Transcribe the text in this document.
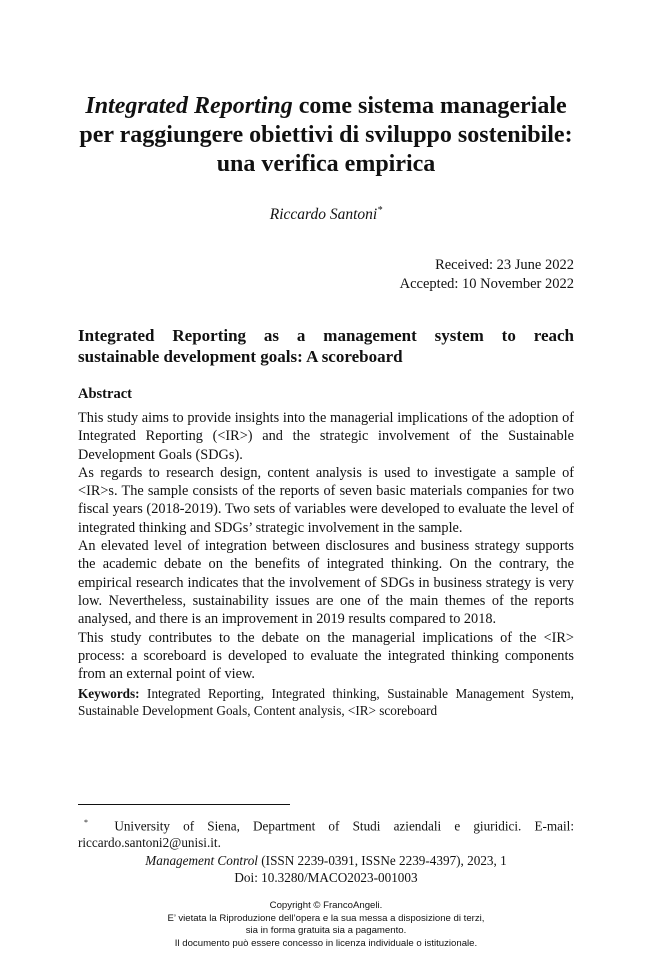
Integrated Reporting come sistema manageriale
per raggiungere obiettivi di sviluppo sostenibile:
una verifica empirica
Riccardo Santoni*
Received: 23 June 2022
Accepted: 10 November 2022
Integrated Reporting as a management system to reach
sustainable development goals: A scoreboard
Abstract

This study aims to provide insights into the managerial implications of the adoption of Integrated Reporting (<IR>) and the strategic involvement of the Sustainable Development Goals (SDGs).

As regards to research design, content analysis is used to investigate a sample of <IR>s. The sample consists of the reports of seven basic materials companies for two fiscal years (2018-2019). Two sets of variables were developed to evaluate the level of integrated thinking and SDGs’ strategic involvement in the sample.

An elevated level of integration between disclosures and business strategy supports the academic debate on the benefits of integrated thinking. On the contrary, the empirical research indicates that the involvement of SDGs in business strategy is very low. Nevertheless, sustainability issues are one of the main themes of the reports analysed, and there is an improvement in 2019 results compared to 2018.

This study contributes to the debate on the managerial implications of the <IR> process: a scoreboard is developed to evaluate the integrated thinking components from an external point of view.

Keywords: Integrated Reporting, Integrated thinking, Sustainable Management System, Sustainable Development Goals, Content analysis, <IR> scoreboard
* University of Siena, Department of Studi aziendali e giuridici. E-mail:
riccardo.santoni2@unisi.it.
Management Control (ISSN 2239-0391, ISSNe 2239-4397), 2023, 1
Doi: 10.3280/MACO2023-001003
Copyright © FrancoAngeli.
E’ vietata la Riproduzione dell’opera e la sua messa a disposizione di terzi,
sia in forma gratuita sia a pagamento.
Il documento può essere concesso in licenza individuale o istituzionale.
